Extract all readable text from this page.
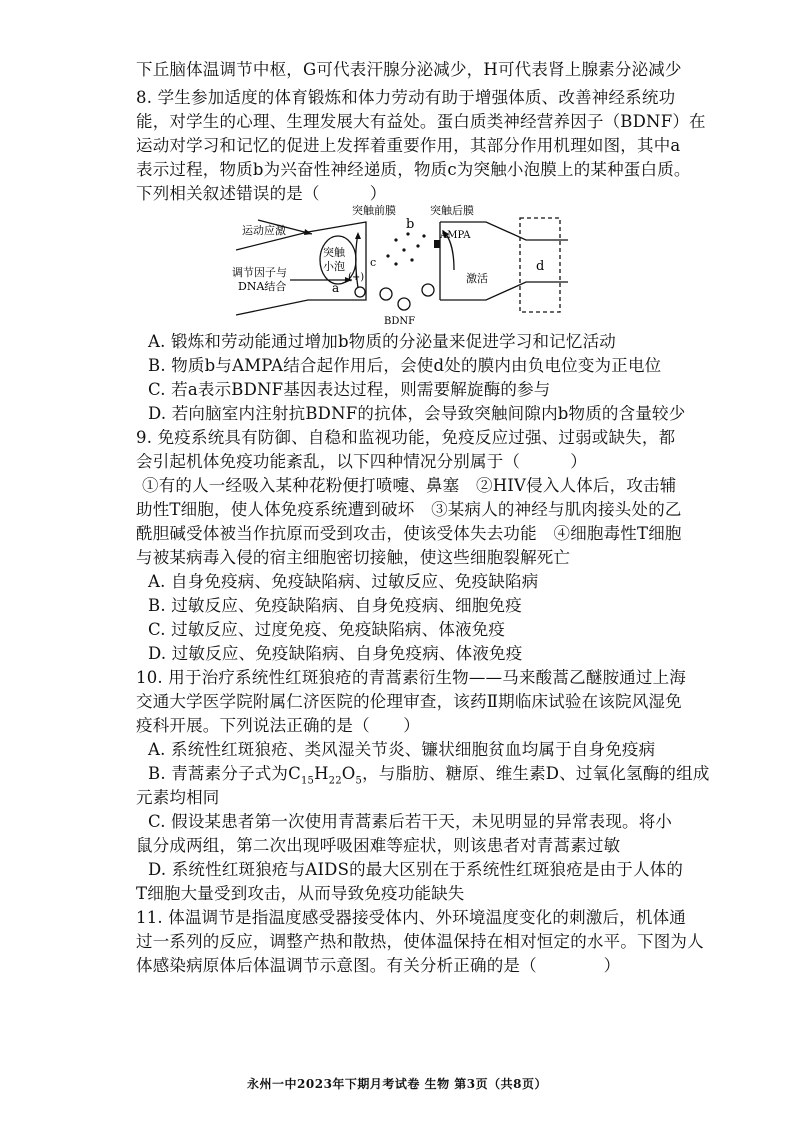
下丘脑体温调节中枢，G可代表汗腺分泌减少，H可代表肾上腺素分泌减少
8. 学生参加适度的体育锻炼和体力劳动有助于增强体质、改善神经系统功
能，对学生的心理、生理发展大有益处。蛋白质类神经营养因子（BDNF）在
运动对学习和记忆的促进上发挥着重要作用，其部分作用机理如图，其中a
表示过程，物质b为兴奋性神经递质，物质c为突触小泡膜上的某种蛋白质。
下列相关叙述错误的是（　　　）
突触前膜	突触后膜
运动应激
调节因子与
DNA结合
突触
小泡
a
b
c	d
(+)
AMPA
激活
BDNF
A. 锻炼和劳动能通过增加b物质的分泌量来促进学习和记忆活动
B. 物质b与AMPA结合起作用后，会使d处的膜内由负电位变为正电位
C. 若a表示BDNF基因表达过程，则需要解旋酶的参与
D. 若向脑室内注射抗BDNF的抗体，会导致突触间隙内b物质的含量较少
9. 免疫系统具有防御、自稳和监视功能，免疫反应过强、过弱或缺失，都
会引起机体免疫功能紊乱，以下四种情况分别属于（　　　）
①有的人一经吸入某种花粉便打喷嚏、鼻塞　②HIV侵入人体后，攻击辅
助性T细胞，使人体免疫系统遭到破坏　③某病人的神经与肌肉接头处的乙
酰胆碱受体被当作抗原而受到攻击，使该受体失去功能　④细胞毒性T细胞
与被某病毒入侵的宿主细胞密切接触，使这些细胞裂解死亡
A. 自身免疫病、免疫缺陷病、过敏反应、免疫缺陷病
B. 过敏反应、免疫缺陷病、自身免疫病、细胞免疫
C. 过敏反应、过度免疫、免疫缺陷病、体液免疫
D. 过敏反应、免疫缺陷病、自身免疫病、体液免疫
10. 用于治疗系统性红斑狼疮的青蒿素衍生物——马来酸蒿乙醚胺通过上海
交通大学医学院附属仁济医院的伦理审查，该药Ⅱ期临床试验在该院风湿免
疫科开展。下列说法正确的是（　　）
A. 系统性红斑狼疮、类风湿关节炎、镰状细胞贫血均属于自身免疫病
B. 青蒿素分子式为$C_{15}H_{22}O_5$，与脂肪、糖原、维生素D、过氧化氢酶的组成
元素均相同
C. 假设某患者第一次使用青蒿素后若干天，未见明显的异常表现。将小
鼠分成两组，第二次出现呼吸困难等症状，则该患者对青蒿素过敏
D. 系统性红斑狼疮与AIDS的最大区别在于系统性红斑狼疮是由于人体的
T细胞大量受到攻击，从而导致免疫功能缺失
11. 体温调节是指温度感受器接受体内、外环境温度变化的刺激后，机体通
过一系列的反应，调整产热和散热，使体温保持在相对恒定的水平。下图为人
体感染病原体后体温调节示意图。有关分析正确的是（　　　　）
永州一中2023年下期月考试卷 生物 第3页（共8页）
